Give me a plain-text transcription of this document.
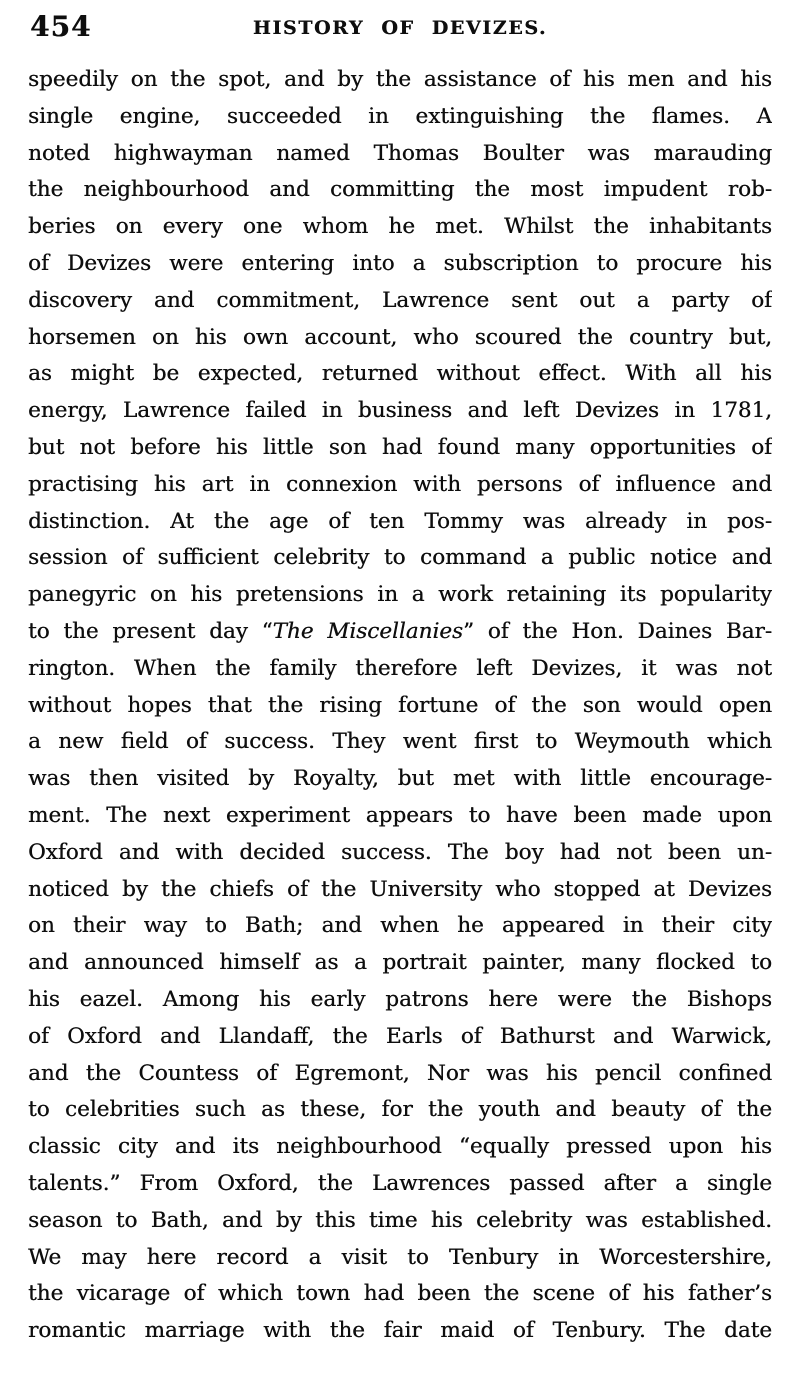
454	HISTORY OF DEVIZES.
speedily on the spot, and by the assistance of his men and his
single engine, succeeded in extinguishing the flames. A
noted highwayman named Thomas Boulter was marauding
the neighbourhood and committing the most impudent rob-
beries on every one whom he met. Whilst the inhabitants
of Devizes were entering into a subscription to procure his
discovery and commitment, Lawrence sent out a party of
horsemen on his own account, who scoured the country but,
as might be expected, returned without effect. With all his
energy, Lawrence failed in business and left Devizes in 1781,
but not before his little son had found many opportunities of
practising his art in connexion with persons of influence and
distinction. At the age of ten Tommy was already in pos-
session of sufficient celebrity to command a public notice and
panegyric on his pretensions in a work retaining its popularity
to the present day “The Miscellanies” of the Hon. Daines Bar-
rington. When the family therefore left Devizes, it was not
without hopes that the rising fortune of the son would open
a new field of success. They went first to Weymouth which
was then visited by Royalty, but met with little encourage-
ment. The next experiment appears to have been made upon
Oxford and with decided success. The boy had not been un-
noticed by the chiefs of the University who stopped at Devizes
on their way to Bath; and when he appeared in their city
and announced himself as a portrait painter, many flocked to
his eazel. Among his early patrons here were the Bishops
of Oxford and Llandaff, the Earls of Bathurst and Warwick,
and the Countess of Egremont, Nor was his pencil confined
to celebrities such as these, for the youth and beauty of the
classic city and its neighbourhood “equally pressed upon his
talents.” From Oxford, the Lawrences passed after a single
season to Bath, and by this time his celebrity was established.
We may here record a visit to Tenbury in Worcestershire,
the vicarage of which town had been the scene of his father’s
romantic marriage with the fair maid of Tenbury. The date
